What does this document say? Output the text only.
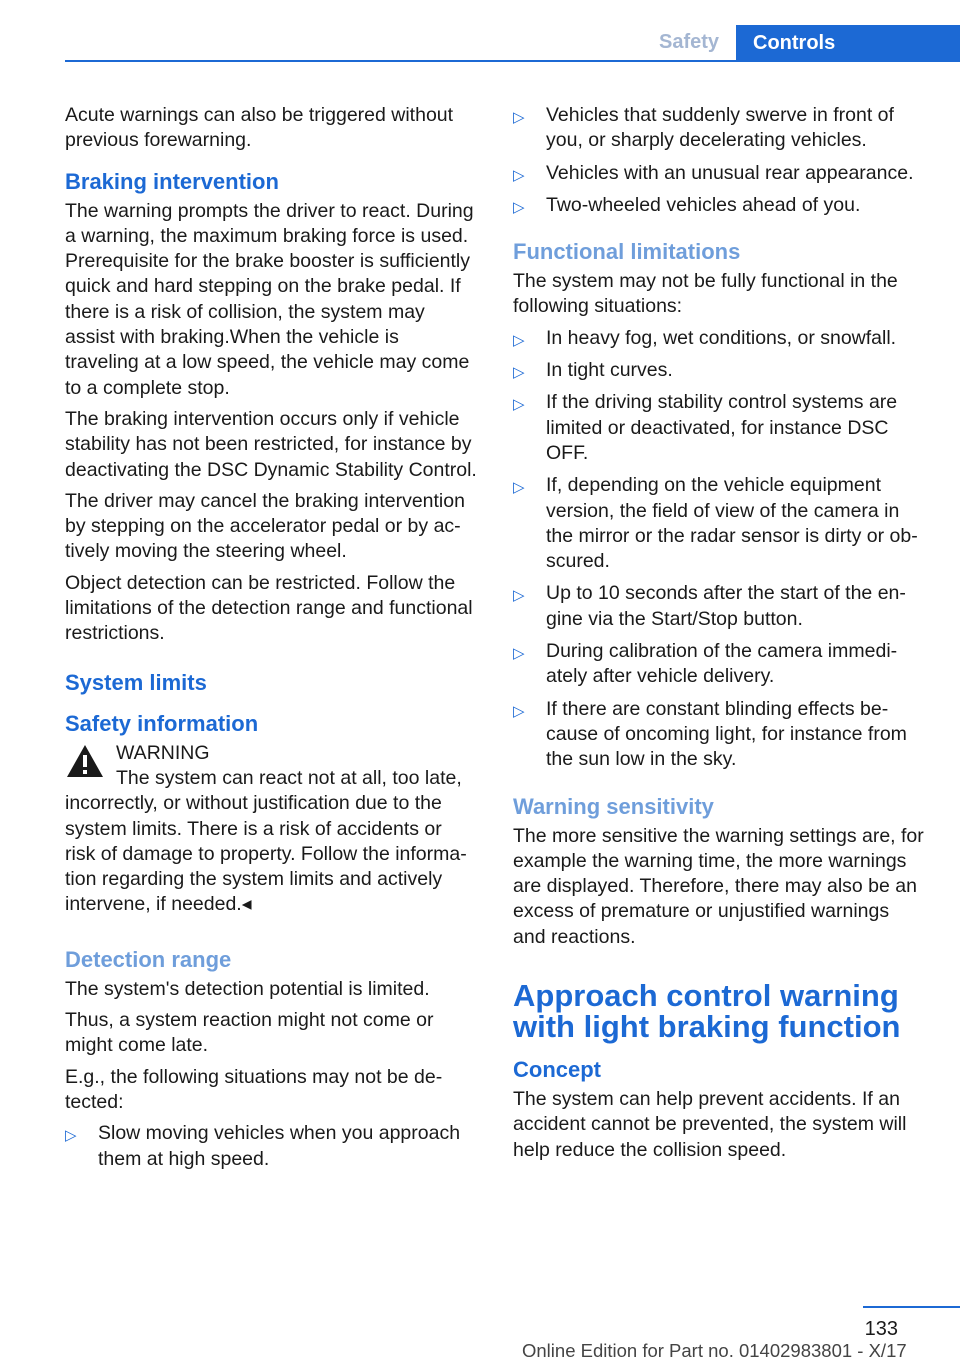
Safety	Controls

Acute warnings can also be triggered without previous forewarning.

Braking intervention

The warning prompts the driver to react. During a warning, the maximum braking force is used. Prerequisite for the brake booster is sufficiently quick and hard stepping on the brake pedal. If there is a risk of collision, the system may assist with braking.When the vehicle is traveling at a low speed, the vehicle may come to a complete stop.

The braking intervention occurs only if vehicle stability has not been restricted, for instance by deactivating the DSC Dynamic Stability Control.

The driver may cancel the braking intervention by stepping on the accelerator pedal or by actively moving the steering wheel.

Object detection can be restricted. Follow the limitations of the detection range and functional restrictions.

System limits
Safety information

WARNING

The system can react not at all, too late,

incorrectly, or without justification due to the system limits. There is a risk of accidents or risk of damage to property. Follow the information regarding the system limits and actively intervene, if needed.◂

Detection range

The system's detection potential is limited.

Thus, a system reaction might not come or might come late.

E.g., the following situations may not be detected:

▷ Slow moving vehicles when you approach them at high speed.
▷ Vehicles that suddenly swerve in front of you, or sharply decelerating vehicles.
▷ Vehicles with an unusual rear appearance.
▷ Two-wheeled vehicles ahead of you.
Functional limitations

The system may not be fully functional in the following situations:

▷ In heavy fog, wet conditions, or snowfall.
▷ In tight curves.
▷ If the driving stability control systems are limited or deactivated, for instance DSC OFF.
▷ If, depending on the vehicle equipment version, the field of view of the camera in the mirror or the radar sensor is dirty or obscured.
▷ Up to 10 seconds after the start of the engine via the Start/Stop button.
▷ During calibration of the camera immediately after vehicle delivery.
▷ If there are constant blinding effects because of oncoming light, for instance from the sun low in the sky.
Warning sensitivity

The more sensitive the warning settings are, for example the warning time, the more warnings are displayed. Therefore, there may also be an excess of premature or unjustified warnings and reactions.

Approach control warning with light braking function
Concept

The system can help prevent accidents. If an accident cannot be prevented, the system will help reduce the collision speed.

133
Online Edition for Part no. 01402983801 - X/17
